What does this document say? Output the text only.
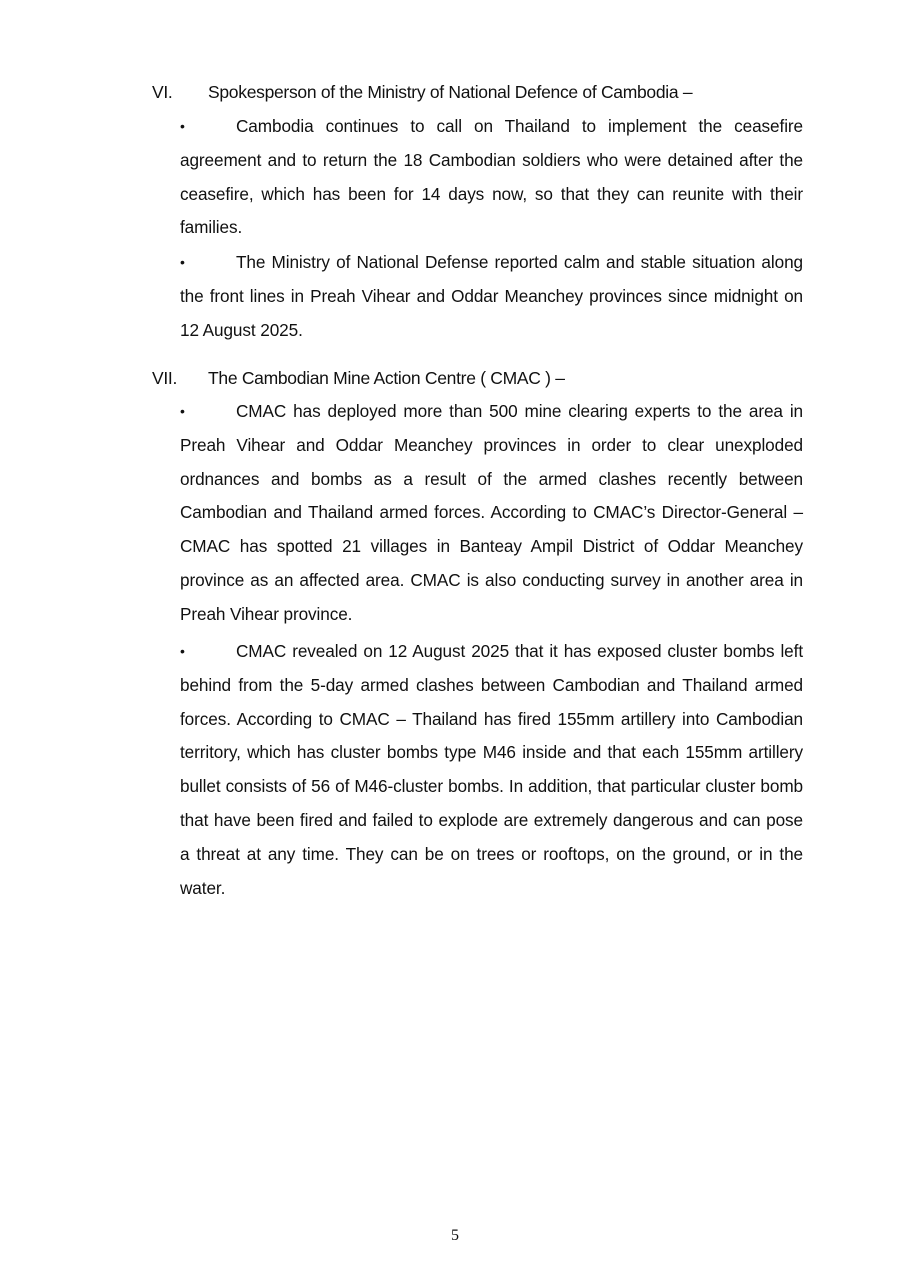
VI. Spokesperson of the Ministry of National Defence of Cambodia –
•	Cambodia continues to call on Thailand to implement the ceasefire agreement and to return the 18 Cambodian soldiers who were detained after the ceasefire, which has been for 14 days now, so that they can reunite with their families.
•	The Ministry of National Defense reported calm and stable situation along the front lines in Preah Vihear and Oddar Meanchey provinces since midnight on 12 August 2025.
VII. The Cambodian Mine Action Centre ( CMAC ) –
•	CMAC has deployed more than 500 mine clearing experts to the area in Preah Vihear and Oddar Meanchey provinces in order to clear unexploded ordnances and bombs as a result of the armed clashes recently between Cambodian and Thailand armed forces. According to CMAC’s Director-General – CMAC has spotted 21 villages in Banteay Ampil District of Oddar Meanchey province as an affected area. CMAC is also conducting survey in another area in Preah Vihear province.
•	CMAC revealed on 12 August 2025 that it has exposed cluster bombs left behind from the 5-day armed clashes between Cambodian and Thailand armed forces. According to CMAC – Thailand has fired 155mm artillery into Cambodian territory, which has cluster bombs type M46 inside and that each 155mm artillery bullet consists of 56 of M46-cluster bombs. In addition, that particular cluster bomb that have been fired and failed to explode are extremely dangerous and can pose a threat at any time. They can be on trees or rooftops, on the ground, or in the water.
5
